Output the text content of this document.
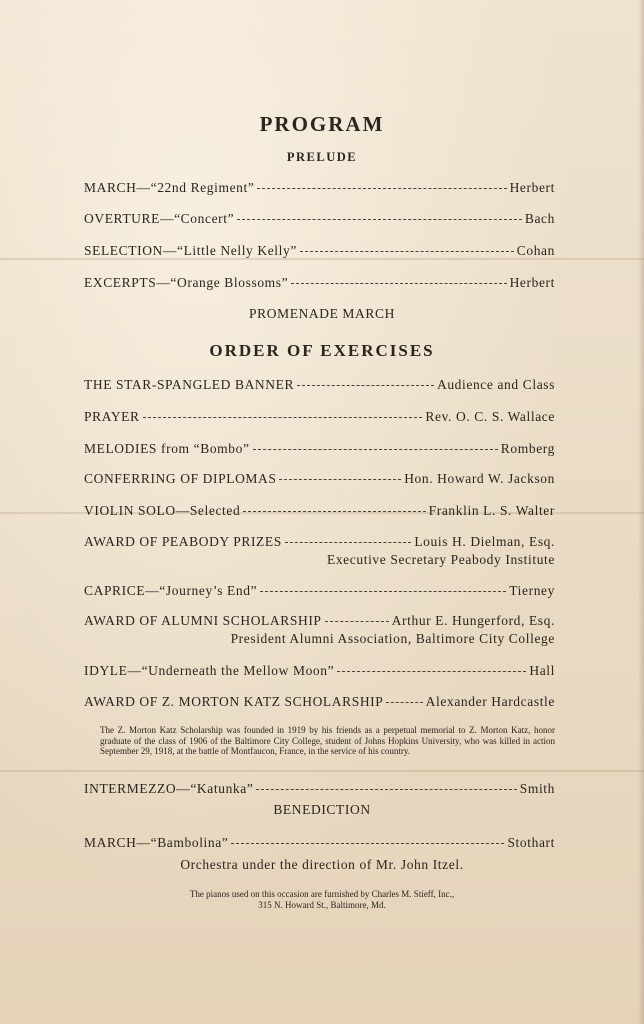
PROGRAM
PRELUDE
MARCH—“22nd Regiment”	Herbert
OVERTURE—“Concert”	Bach
SELECTION—“Little Nelly Kelly”	Cohan
EXCERPTS—“Orange Blossoms”	Herbert
PROMENADE MARCH
ORDER OF EXERCISES
THE STAR-SPANGLED BANNER	Audience and Class
PRAYER	Rev. O. C. S. Wallace
MELODIES from “Bombo”	Romberg
CONFERRING OF DIPLOMAS	Hon. Howard W. Jackson
VIOLIN SOLO—Selected	Franklin L. S. Walter
AWARD OF PEABODY PRIZES	Louis H. Dielman, Esq.
Executive Secretary Peabody Institute
CAPRICE—“Journey’s End”	Tierney
AWARD OF ALUMNI SCHOLARSHIP	Arthur E. Hungerford, Esq.
President Alumni Association, Baltimore City College
IDYLE—“Underneath the Mellow Moon”	Hall
AWARD OF Z. MORTON KATZ SCHOLARSHIP	Alexander Hardcastle

The Z. Morton Katz Scholarship was founded in 1919 by his friends as a perpetual memorial to Z. Morton Katz, honor graduate of the class of 1906 of the Baltimore City College, student of Johns Hopkins University, who was killed in action September 29, 1918, at the battle of Montfaucon, France, in the service of his country.

INTERMEZZO—“Katunka”	Smith
BENEDICTION
MARCH—“Bambolina”	Stothart
Orchestra under the direction of Mr. John Itzel.
The pianos used on this occasion are furnished by Charles M. Stieff, Inc.,
315 N. Howard St., Baltimore, Md.
